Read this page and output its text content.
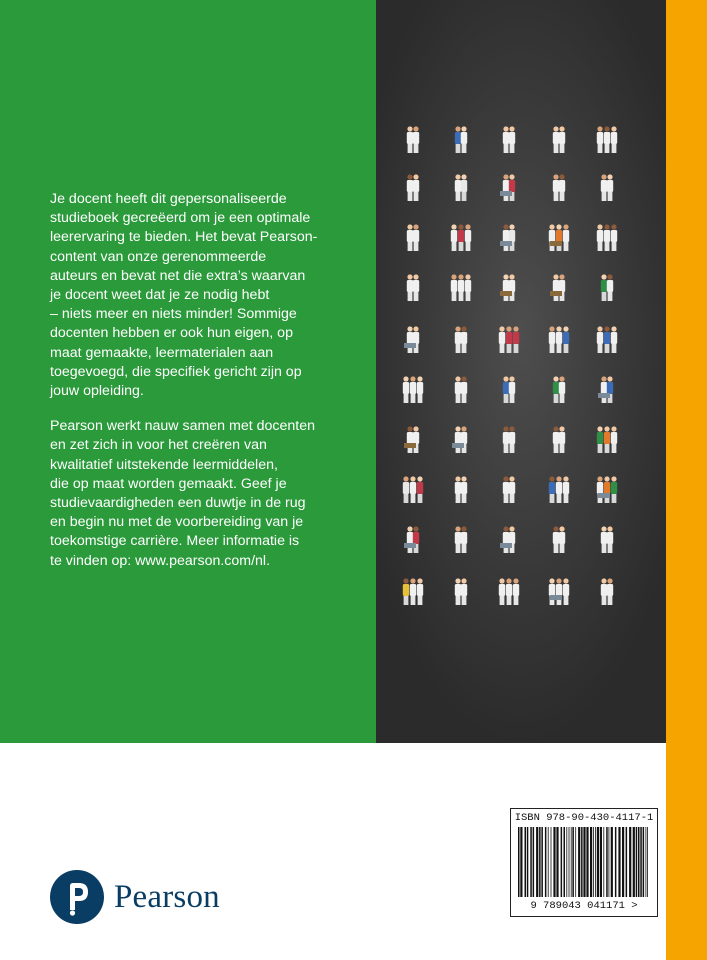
Je docent heeft dit gepersonaliseerde
studieboek gecreëerd om je een optimale
leerervaring te bieden. Het bevat Pearson-
content van onze gerenommeerde
auteurs en bevat net die extra’s waarvan
je docent weet dat je ze nodig hebt
– niets meer en niets minder! Sommige
docenten hebben er ook hun eigen, op
maat gemaakte, leermaterialen aan
toegevoegd, die specifiek gericht zijn op
jouw opleiding.

Pearson werkt nauw samen met docenten
en zet zich in voor het creëren van
kwalitatief uitstekende leermiddelen,
die op maat worden gemaakt. Geef je
studievaardigheden een duwtje in de rug
en begin nu met de voorbereiding van je
toekomstige carrière. Meer informatie is
te vinden op: www.pearson.com/nl.

Pearson
ISBN 978-90-430-4117-1
9 789043 041171 >
